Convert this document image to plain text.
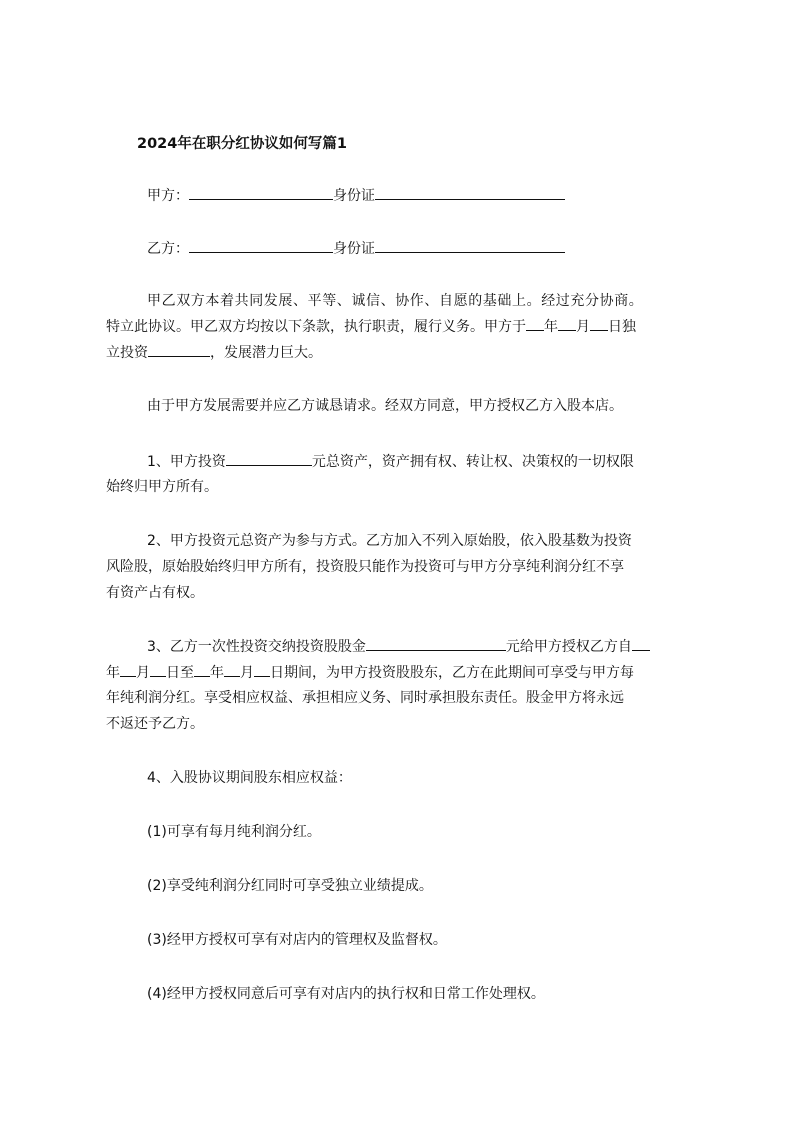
2024年在职分红协议如何写篇1
甲方：	身份证
乙方：	身份证
甲乙双方本着共同发展、平等、诚信、协作、自愿的基础上。经过充分协商。
特立此协议。甲乙双方均按以下条款，执行职责，履行义务。甲方于 年 月 日独
立投资	，发展潜力巨大。
由于甲方发展需要并应乙方诚恳请求。经双方同意，甲方授权乙方入股本店。
1、甲方投资	元总资产，资产拥有权、转让权、决策权的一切权限
始终归甲方所有。
2、甲方投资元总资产为参与方式。乙方加入不列入原始股，依入股基数为投资
风险股，原始股始终归甲方所有，投资股只能作为投资可与甲方分享纯利润分红不享
有资产占有权。
3、乙方一次性投资交纳投资股股金	元给甲方授权乙方自
年 月 日至 年 月 日期间，为甲方投资股股东，乙方在此期间可享受与甲方每
年纯利润分红。享受相应权益、承担相应义务、同时承担股东责任。股金甲方将永远
不返还予乙方。
4、入股协议期间股东相应权益：
(1)可享有每月纯利润分红。
(2)享受纯利润分红同时可享受独立业绩提成。
(3)经甲方授权可享有对店内的管理权及监督权。
(4)经甲方授权同意后可享有对店内的执行权和日常工作处理权。
